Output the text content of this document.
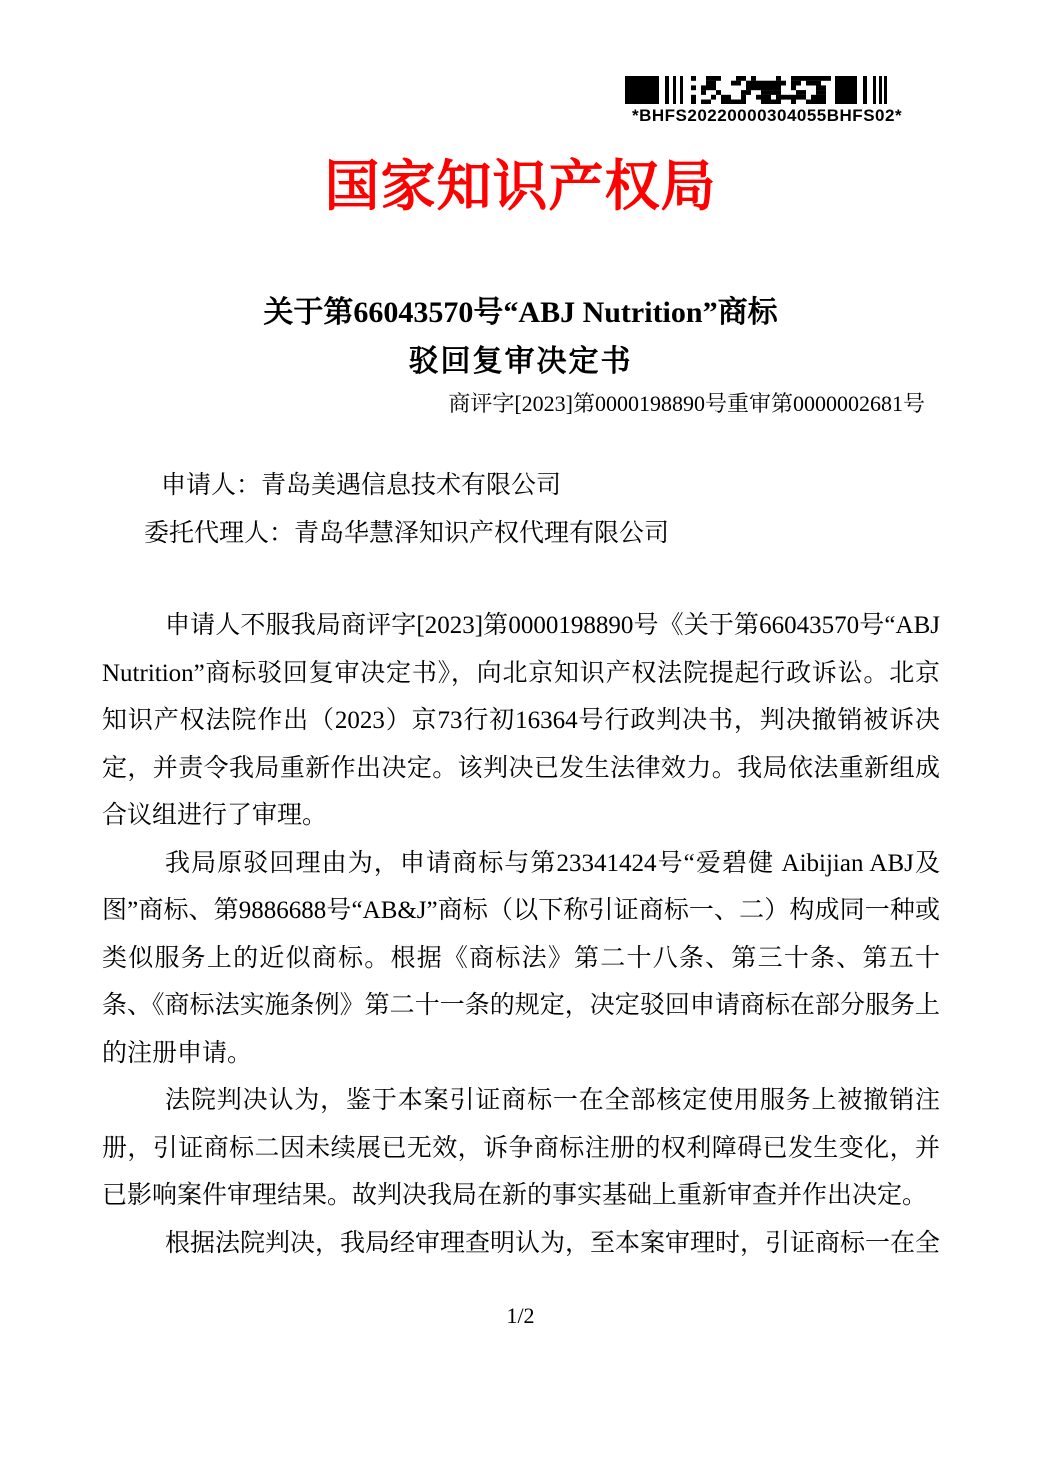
*BHFS20220000304055BHFS02*
国家知识产权局
关于第66043570号“ABJ Nutrition”商标
驳回复审决定书
商评字[2023]第0000198890号重审第0000002681号
申请人：青岛美遇信息技术有限公司
委托代理人：青岛华慧泽知识产权代理有限公司

申请人不服我局商评字[2023]第0000198890号《关于第66043570号“ABJ Nutrition”商标驳回复审决定书》，向北京知识产权法院提起行政诉讼。北京知识产权法院作出（2023）京73行初16364号行政判决书，判决撤销被诉决定，并责令我局重新作出决定。该判决已发生法律效力。我局依法重新组成合议组进行了审理。

我局原驳回理由为，申请商标与第23341424号“爱碧健 Aibijian ABJ及图”商标、第9886688号“AB&J”商标（以下称引证商标一、二）构成同一种或类似服务上的近似商标。根据《商标法》第二十八条、第三十条、第五十条、《商标法实施条例》第二十一条的规定，决定驳回申请商标在部分服务上的注册申请。

法院判决认为，鉴于本案引证商标一在全部核定使用服务上被撤销注册，引证商标二因未续展已无效，诉争商标注册的权利障碍已发生变化，并已影响案件审理结果。故判决我局在新的事实基础上重新审查并作出决定。

根据法院判决，我局经审理查明认为，至本案审理时，引证商标一在全

1/2
